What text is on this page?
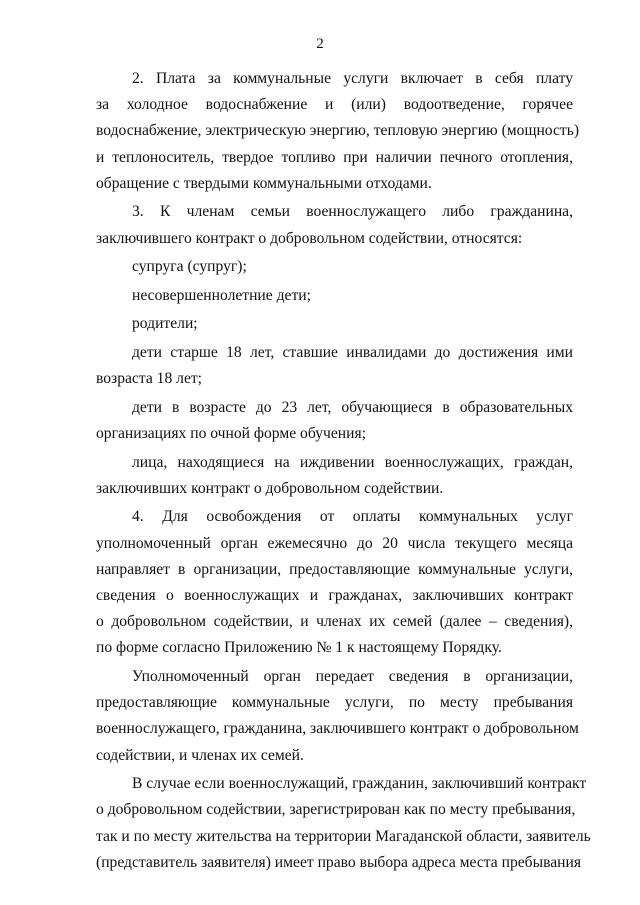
2
2. Плата за коммунальные услуги включает в себя плату
за холодное водоснабжение и (или) водоотведение, горячее
водоснабжение, электрическую энергию, тепловую энергию (мощность)
и теплоноситель, твердое топливо при наличии печного отопления,
обращение с твердыми коммунальными отходами.
3. К членам семьи военнослужащего либо гражданина,
заключившего контракт о добровольном содействии, относятся:
супруга (супруг);
несовершеннолетние дети;
родители;
дети старше 18 лет, ставшие инвалидами до достижения ими
возраста 18 лет;
дети в возрасте до 23 лет, обучающиеся в образовательных
организациях по очной форме обучения;
лица, находящиеся на иждивении военнослужащих, граждан,
заключивших контракт о добровольном содействии.
4. Для освобождения от оплаты коммунальных услуг
уполномоченный орган ежемесячно до 20 числа текущего месяца
направляет в организации, предоставляющие коммунальные услуги,
сведения о военнослужащих и гражданах, заключивших контракт
о добровольном содействии, и членах их семей (далее – сведения),
по форме согласно Приложению № 1 к настоящему Порядку.
Уполномоченный орган передает сведения в организации,
предоставляющие коммунальные услуги, по месту пребывания
военнослужащего, гражданина, заключившего контракт о добровольном
содействии, и членах их семей.
В случае если военнослужащий, гражданин, заключивший контракт
о добровольном содействии, зарегистрирован как по месту пребывания,
так и по месту жительства на территории Магаданской области, заявитель
(представитель заявителя) имеет право выбора адреса места пребывания
